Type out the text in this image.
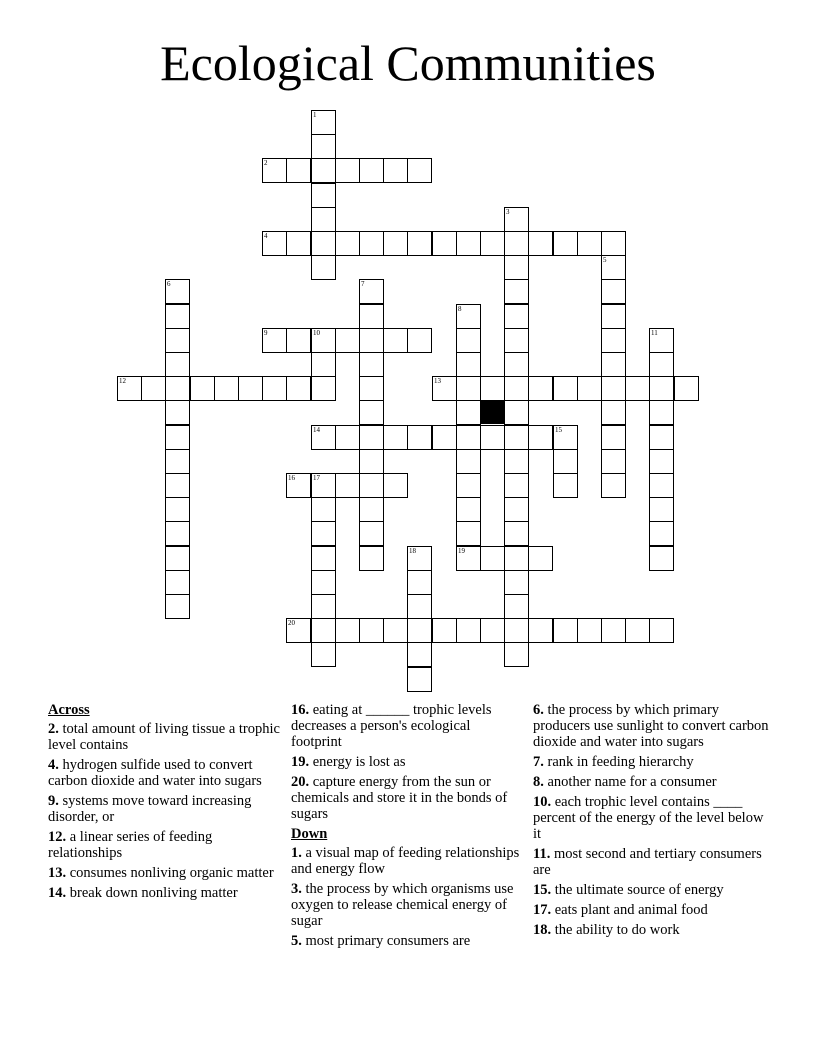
Ecological Communities
1
2
3
4
5
6	7
8
9	10	11
12	13
14	15
16	17
18	19
20
Across
2. total amount of living tissue a trophic level contains
4. hydrogen sulfide used to convert carbon dioxide and water into sugars
9. systems move toward increasing disorder, or
12. a linear series of feeding relationships
13. consumes nonliving organic matter
14. break down nonliving matter
16. eating at ______ trophic levels decreases a person's ecological footprint
19. energy is lost as
20. capture energy from the sun or chemicals and store it in the bonds of sugars
Down
1. a visual map of feeding relationships and energy flow
3. the process by which organisms use oxygen to release chemical energy of sugar
5. most primary consumers are
6. the process by which primary producers use sunlight to convert carbon dioxide and water into sugars
7. rank in feeding hierarchy
8. another name for a consumer
10. each trophic level contains ____ percent of the energy of the level below it
11. most second and tertiary consumers are
15. the ultimate source of energy
17. eats plant and animal food
18. the ability to do work
